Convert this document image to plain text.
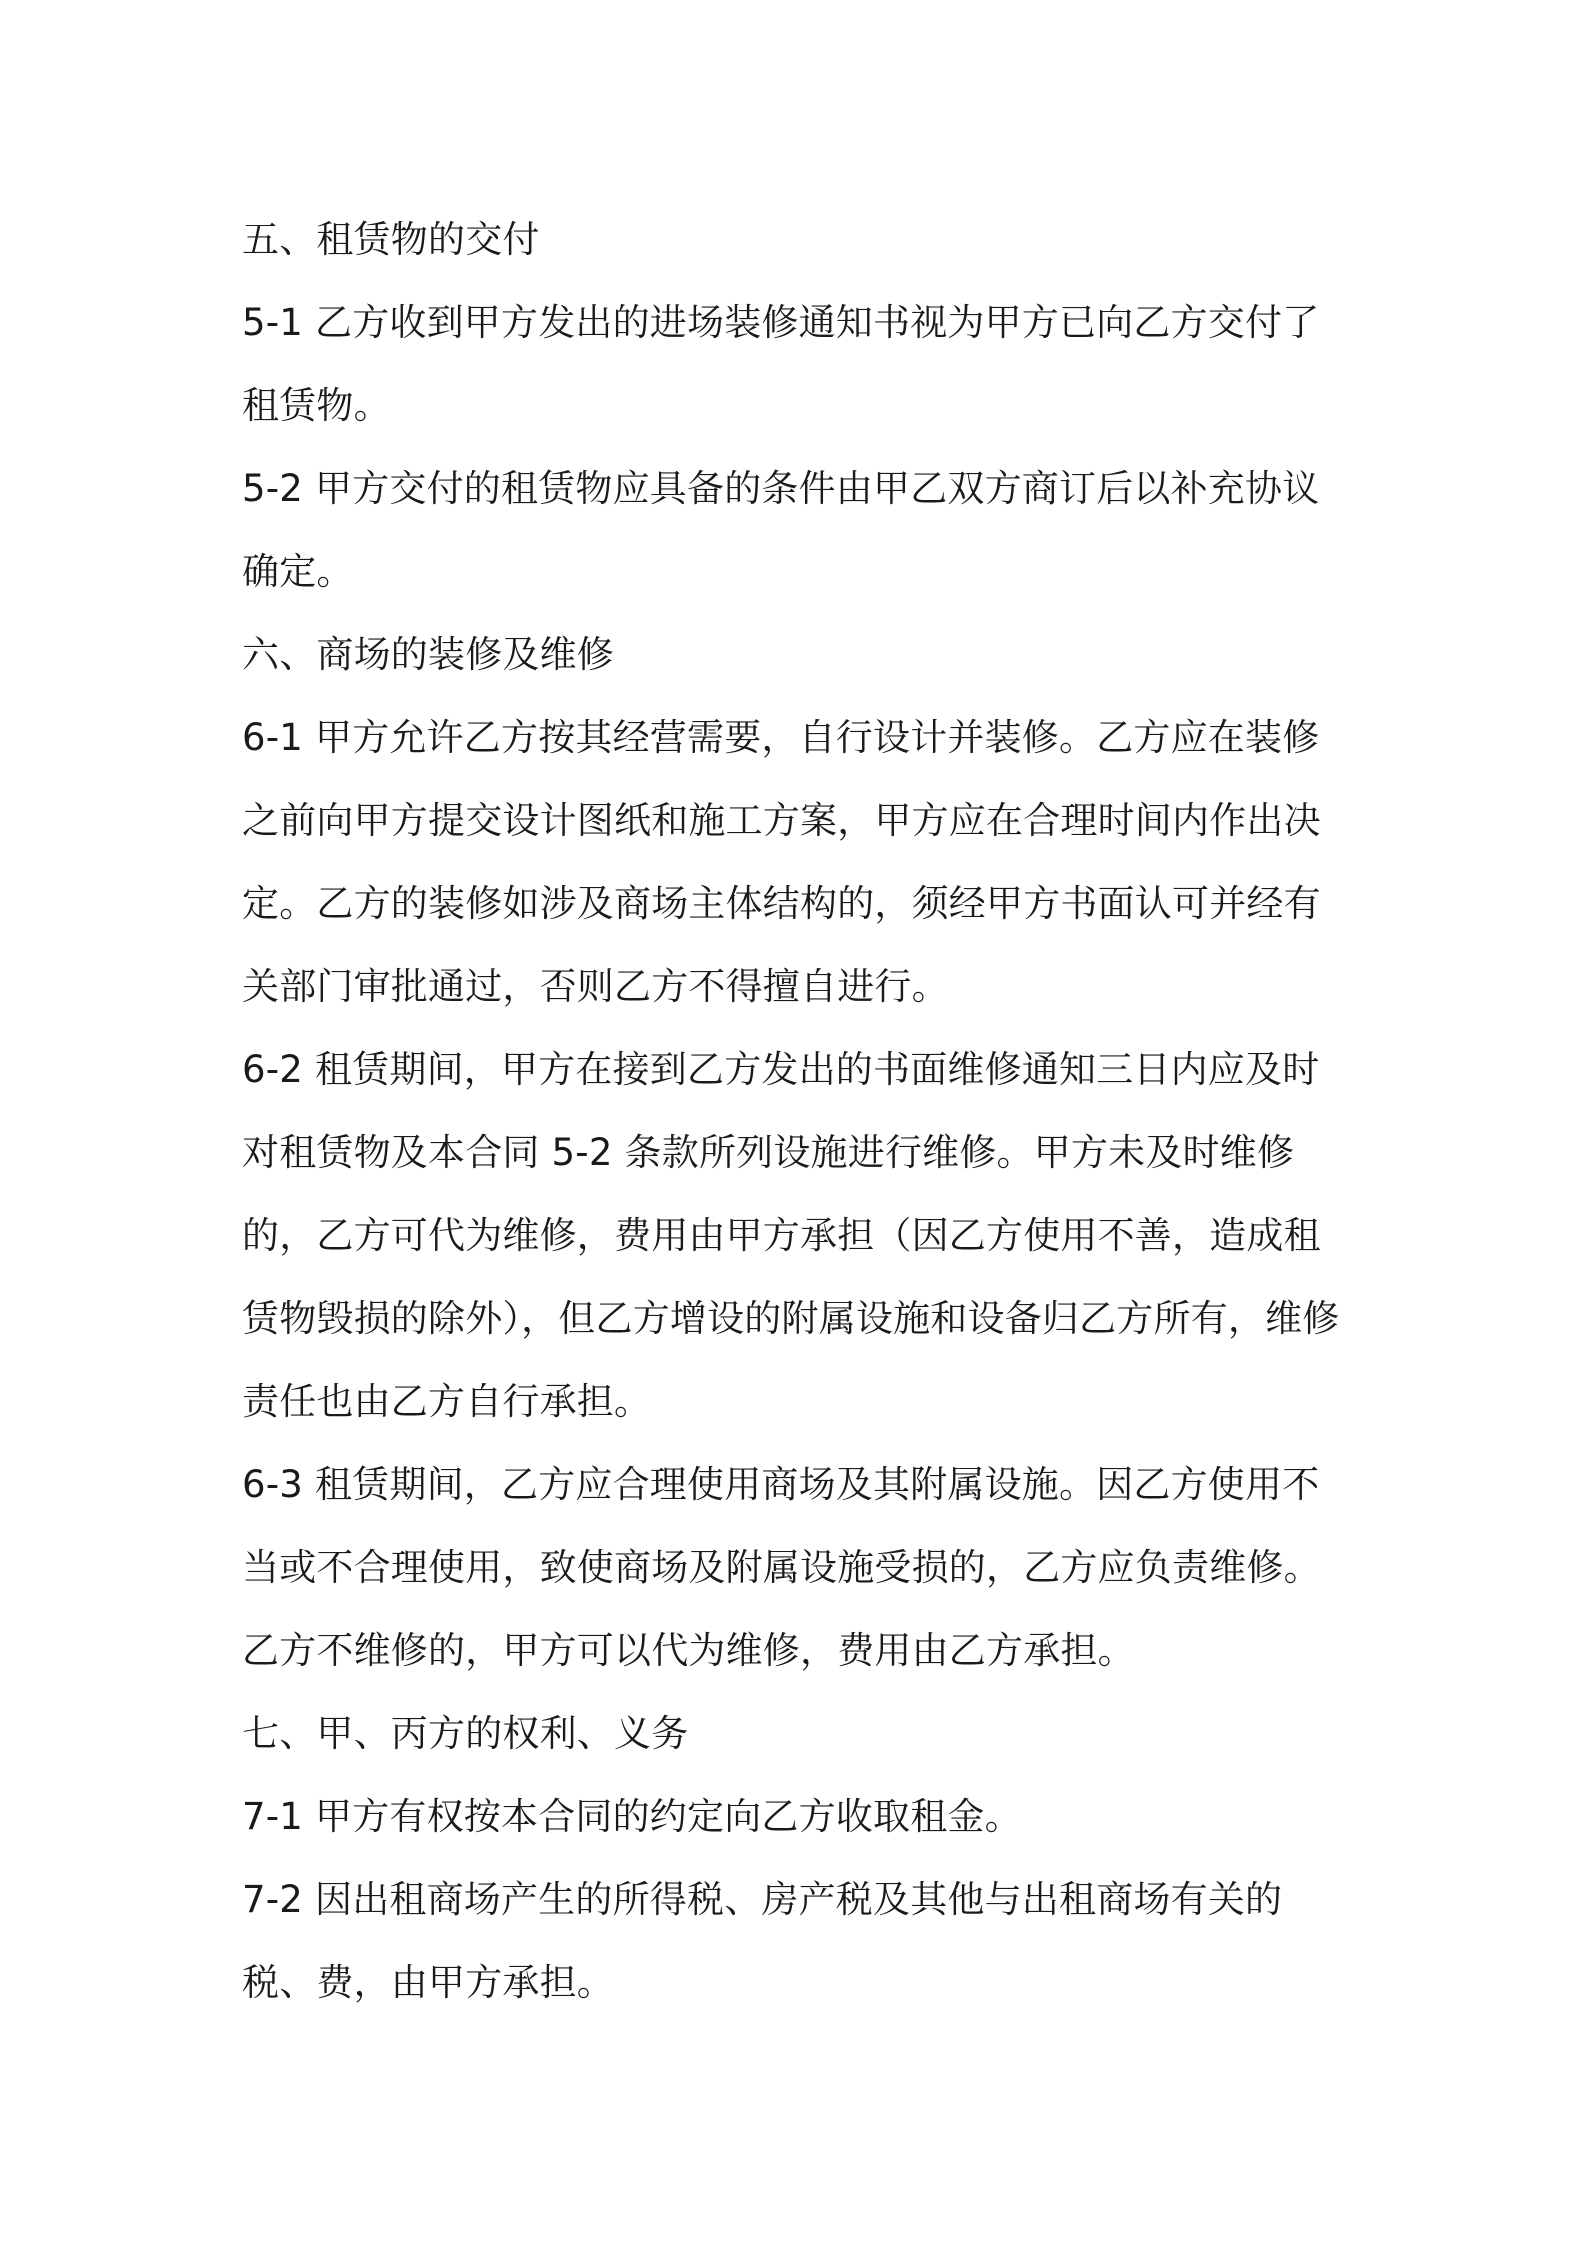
五、租赁物的交付

5-1 乙方收到甲方发出的进场装修通知书视为甲方已向乙方交付了租赁物。

5-2 甲方交付的租赁物应具备的条件由甲乙双方商订后以补充协议确定。

六、商场的装修及维修

6-1 甲方允许乙方按其经营需要，自行设计并装修。乙方应在装修之前向甲方提交设计图纸和施工方案，甲方应在合理时间内作出决定。乙方的装修如涉及商场主体结构的，须经甲方书面认可并经有关部门审批通过，否则乙方不得擅自进行。

6-2 租赁期间，甲方在接到乙方发出的书面维修通知三日内应及时对租赁物及本合同 5-2 条款所列设施进行维修。甲方未及时维修的，乙方可代为维修，费用由甲方承担（因乙方使用不善，造成租赁物毁损的除外），但乙方增设的附属设施和设备归乙方所有，维修责任也由乙方自行承担。

6-3 租赁期间，乙方应合理使用商场及其附属设施。因乙方使用不当或不合理使用，致使商场及附属设施受损的，乙方应负责维修。乙方不维修的，甲方可以代为维修，费用由乙方承担。

七、甲、丙方的权利、义务

7-1 甲方有权按本合同的约定向乙方收取租金。

7-2 因出租商场产生的所得税、房产税及其他与出租商场有关的税、费，由甲方承担。
